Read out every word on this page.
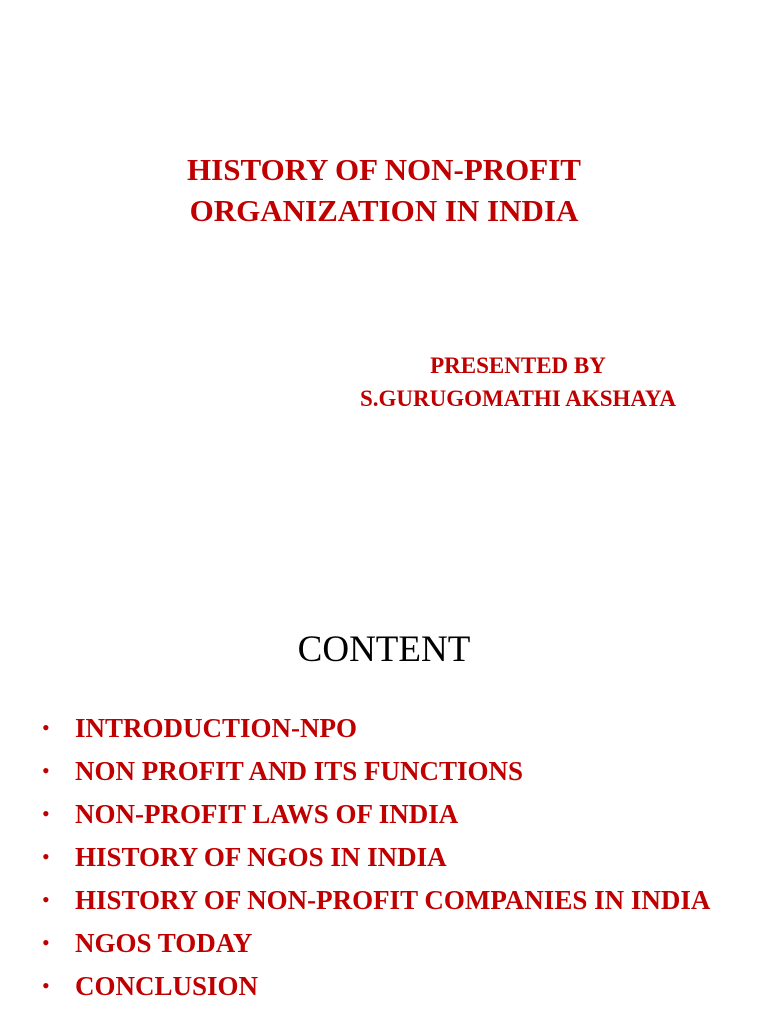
HISTORY OF NON-PROFIT
ORGANIZATION IN INDIA
PRESENTED BY
S.GURUGOMATHI AKSHAYA
CONTENT
• INTRODUCTION-NPO
• NON PROFIT AND ITS FUNCTIONS
• NON-PROFIT LAWS OF INDIA
• HISTORY OF NGOS IN INDIA
• HISTORY OF NON-PROFIT COMPANIES IN INDIA
• NGOS TODAY
• CONCLUSION
